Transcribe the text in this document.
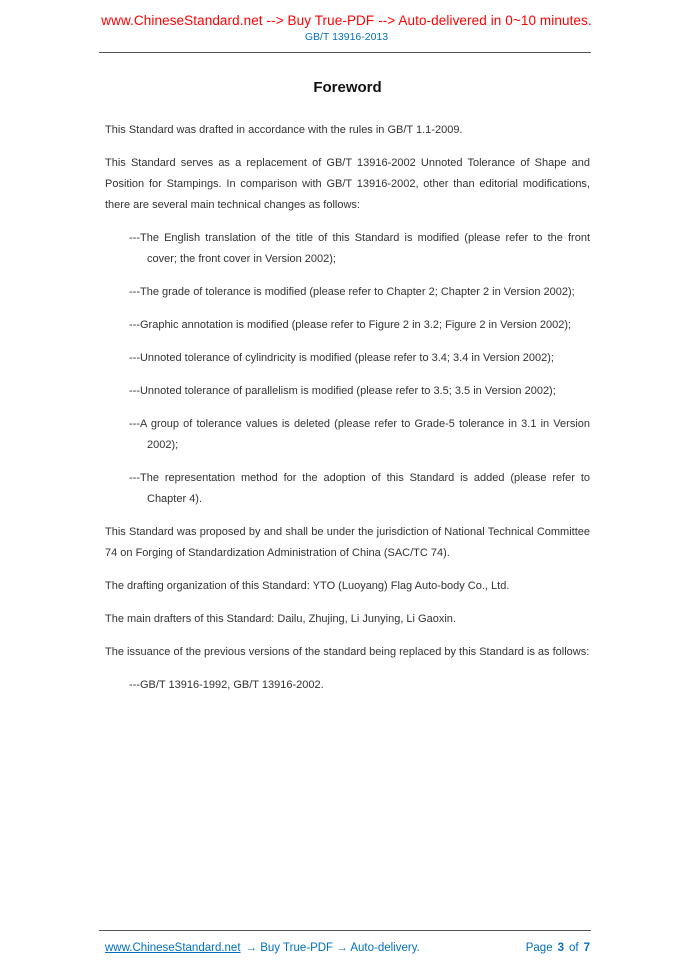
www.ChineseStandard.net --> Buy True-PDF --> Auto-delivered in 0~10 minutes.
GB/T 13916-2013
Foreword

This Standard was drafted in accordance with the rules in GB/T 1.1-2009.

This Standard serves as a replacement of GB/T 13916-2002 Unnoted Tolerance of Shape and Position for Stampings. In comparison with GB/T 13916-2002, other than editorial modifications, there are several main technical changes as follows:

---The English translation of the title of this Standard is modified (please refer to the front cover; the front cover in Version 2002);

---The grade of tolerance is modified (please refer to Chapter 2; Chapter 2 in Version 2002);

---Graphic annotation is modified (please refer to Figure 2 in 3.2; Figure 2 in Version 2002);

---Unnoted tolerance of cylindricity is modified (please refer to 3.4; 3.4 in Version 2002);

---Unnoted tolerance of parallelism is modified (please refer to 3.5; 3.5 in Version 2002);

---A group of tolerance values is deleted (please refer to Grade-5 tolerance in 3.1 in Version 2002);

---The representation method for the adoption of this Standard is added (please refer to Chapter 4).

This Standard was proposed by and shall be under the jurisdiction of National Technical Committee 74 on Forging of Standardization Administration of China (SAC/TC 74).

The drafting organization of this Standard: YTO (Luoyang) Flag Auto-body Co., Ltd.

The main drafters of this Standard: Dailu, Zhujing, Li Junying, Li Gaoxin.

The issuance of the previous versions of the standard being replaced by this Standard is as follows:

---GB/T 13916-1992, GB/T 13916-2002.

www.ChineseStandard.net → Buy True-PDF → Auto-delivery.	Page 3 of 7
